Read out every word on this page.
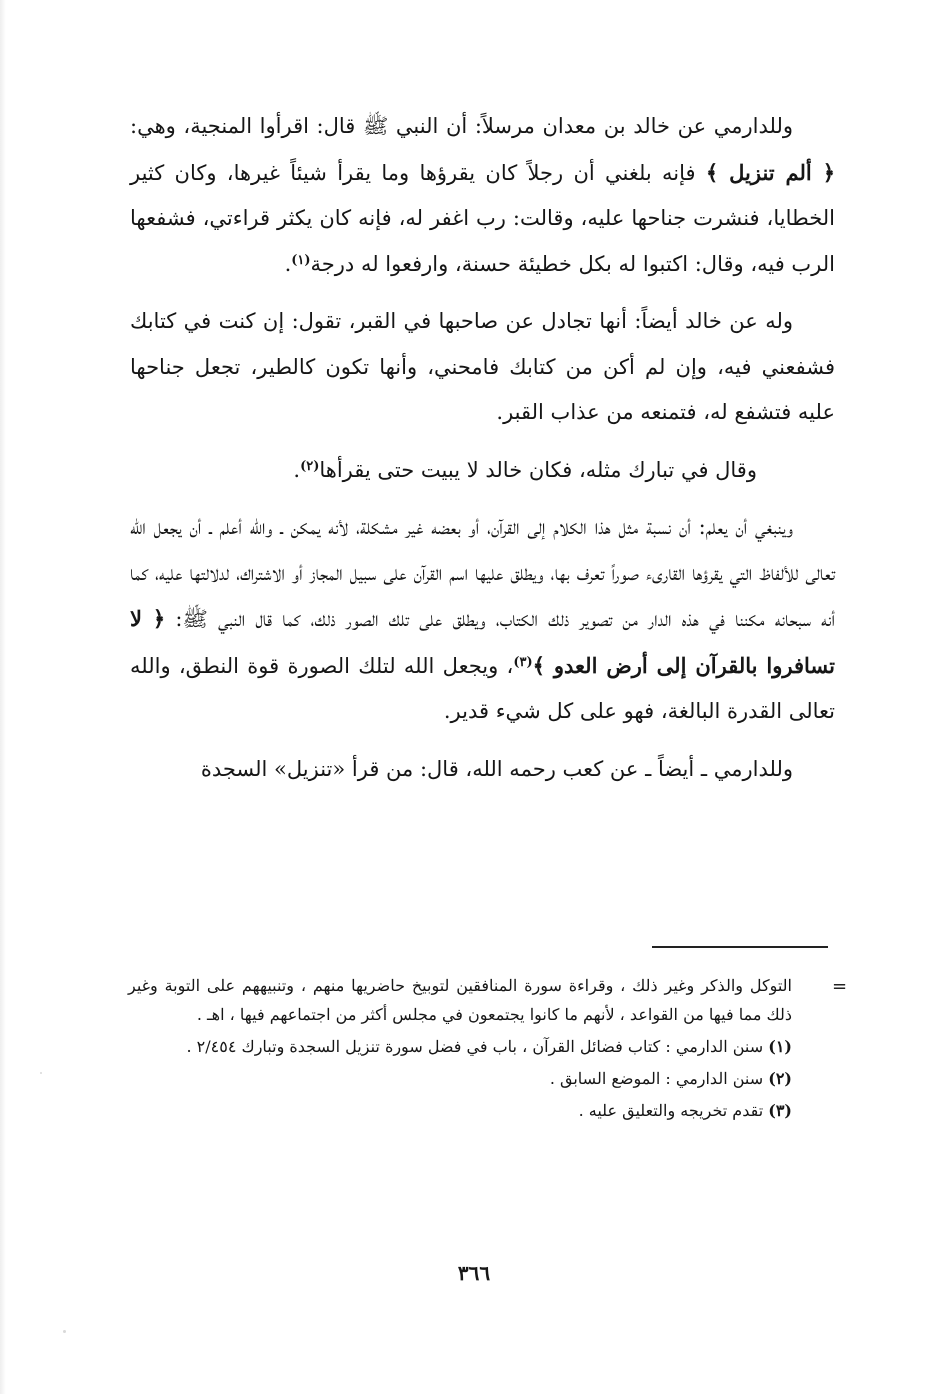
وللدارمي عن خالد بن معدان مرسلاً: أن النبي ﷺ قال: اقرأوا المنجية، وهي: ﴿ ألم تنزيل ﴾ فإنه بلغني أن رجلاً كان يقرؤها وما يقرأ شيئاً غيرها، وكان كثير الخطايا، فنشرت جناحها عليه، وقالت: رب اغفر له، فإنه كان يكثر قراءتي، فشفعها الرب فيه، وقال: اكتبوا له بكل خطيئة حسنة، وارفعوا له درجة$^{(١)}$.

وله عن خالد أيضاً: أنها تجادل عن صاحبها في القبر، تقول: إن كنت في كتابك فشفعني فيه، وإن لم أكن من كتابك فامحني، وأنها تكون كالطير، تجعل جناحها عليه فتشفع له، فتمنعه من عذاب القبر.

وقال في تبارك مثله، فكان خالد لا يبيت حتى يقرأها$^{(٢)}$.

وينبغي أن يعلم: أن نسبة مثل هذا الكلام إلى القرآن، أو بعضه غير مشكلة، لأنه يمكن ـ والله أعلم ـ أن يجعل الله تعالى للألفاظ التي يقرؤها القارىء صوراً تعرف بها، ويطلق عليها اسم القرآن على سبيل المجاز أو الاشتراك، لدلالتها عليه، كما أنه سبحانه مكننا في هذه الدار من تصوير ذلك الكتاب، ويطلق على تلك الصور ذلك، كما قال النبي ﷺ: ﴿ لا تسافروا بالقرآن إلى أرض العدو ﴾$^{(٣)}$، ويجعل الله لتلك الصورة قوة النطق، والله تعالى القدرة البالغة، فهو على كل شيء قدير.

وللدارمي ـ أيضاً ـ عن كعب رحمه الله، قال: من قرأ «تنزيل» السجدة

=

التوكل والذكر وغير ذلك ، وقراءة سورة المنافقين لتوبيخ حاضريها منهم ، وتنبيههم على التوبة وغير ذلك مما فيها من القواعد ، لأنهم ما كانوا يجتمعون في مجلس أكثر من اجتماعهم فيها ، اهـ .

(١) سنن الدارمي : كتاب فضائل القرآن ، باب في فضل سورة تنزيل السجدة وتبارك ٢/٤٥٤ .

(٢) سنن الدارمي : الموضع السابق .

(٣) تقدم تخريجه والتعليق عليه .

٣٦٦
